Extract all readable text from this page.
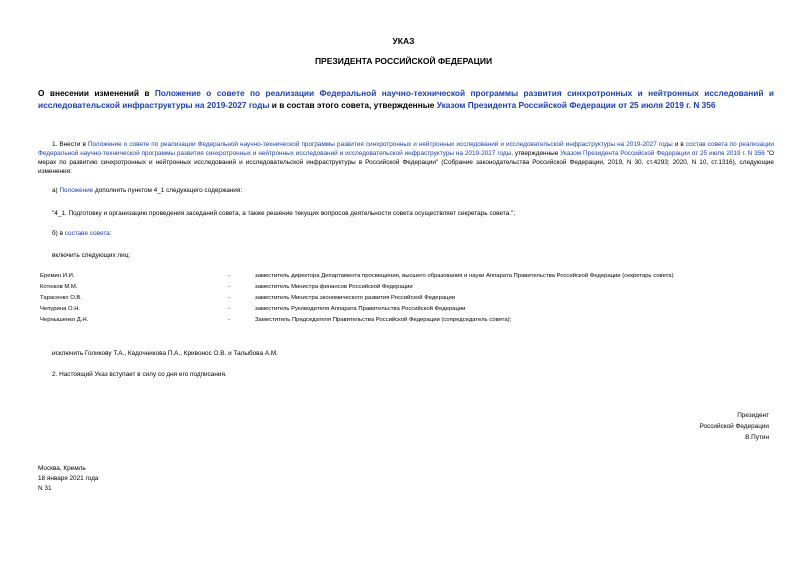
УКАЗ
ПРЕЗИДЕНТА РОССИЙСКОЙ ФЕДЕРАЦИИ
О внесении изменений в Положение о совете по реализации Федеральной научно-технической программы развития синхротронных и нейтронных исследований и исследовательской инфраструктуры на 2019-2027 годы и в состав этого совета, утвержденные Указом Президента Российской Федерации от 25 июля 2019 г. N 356
1. Внести в Положение о совете по реализации Федеральной научно-технической программы развития синхротронных и нейтронных исследований и исследовательской инфраструктуры на 2019-2027 годы и в состав совета по реализации Федеральной научно-технической программы развития синхротронных и нейтронных исследований и исследовательской инфраструктуры на 2019-2027 годы, утвержденные Указом Президента Российской Федерации от 25 июля 2019 г. N 356 "О мерах по развитию синхротронных и нейтронных исследований и исследовательской инфраструктуры в Российской Федерации" (Собрание законодательства Российской Федерации, 2019, N 30, ст.4293; 2020, N 10, ст.1316), следующие изменения:
а) Положение дополнить пунктом 4_1 следующего содержания:
"4_1. Подготовку и организацию проведения заседаний совета, а также решение текущих вопросов деятельности совета осуществляет секретарь совета.";
б) в составе совета:
включить следующих лиц:
Еремин И.И.	-	заместитель директора Департамента просвещения, высшего образования и науки Аппарата Правительства Российской Федерации (секретарь совета)
Котюков М.М.	-	заместитель Министра финансов Российской Федерации
Тарасенко О.В.	-	заместитель Министра экономического развития Российской Федерации
Чепурина О.Н.	-	заместитель Руководителя Аппарата Правительства Российской Федерации
Чернышенко Д.Н.	-	Заместитель Председателя Правительства Российской Федерации (сопредседатель совета);
исключить Голикову Т.А., Кадочникова П.А., Кривонос О.В. и Талыбова А.М.
2. Настоящий Указ вступает в силу со дня его подписания.
Президент
Российской Федерации
В.Путин
Москва, Кремль
18 января 2021 года
N 31
